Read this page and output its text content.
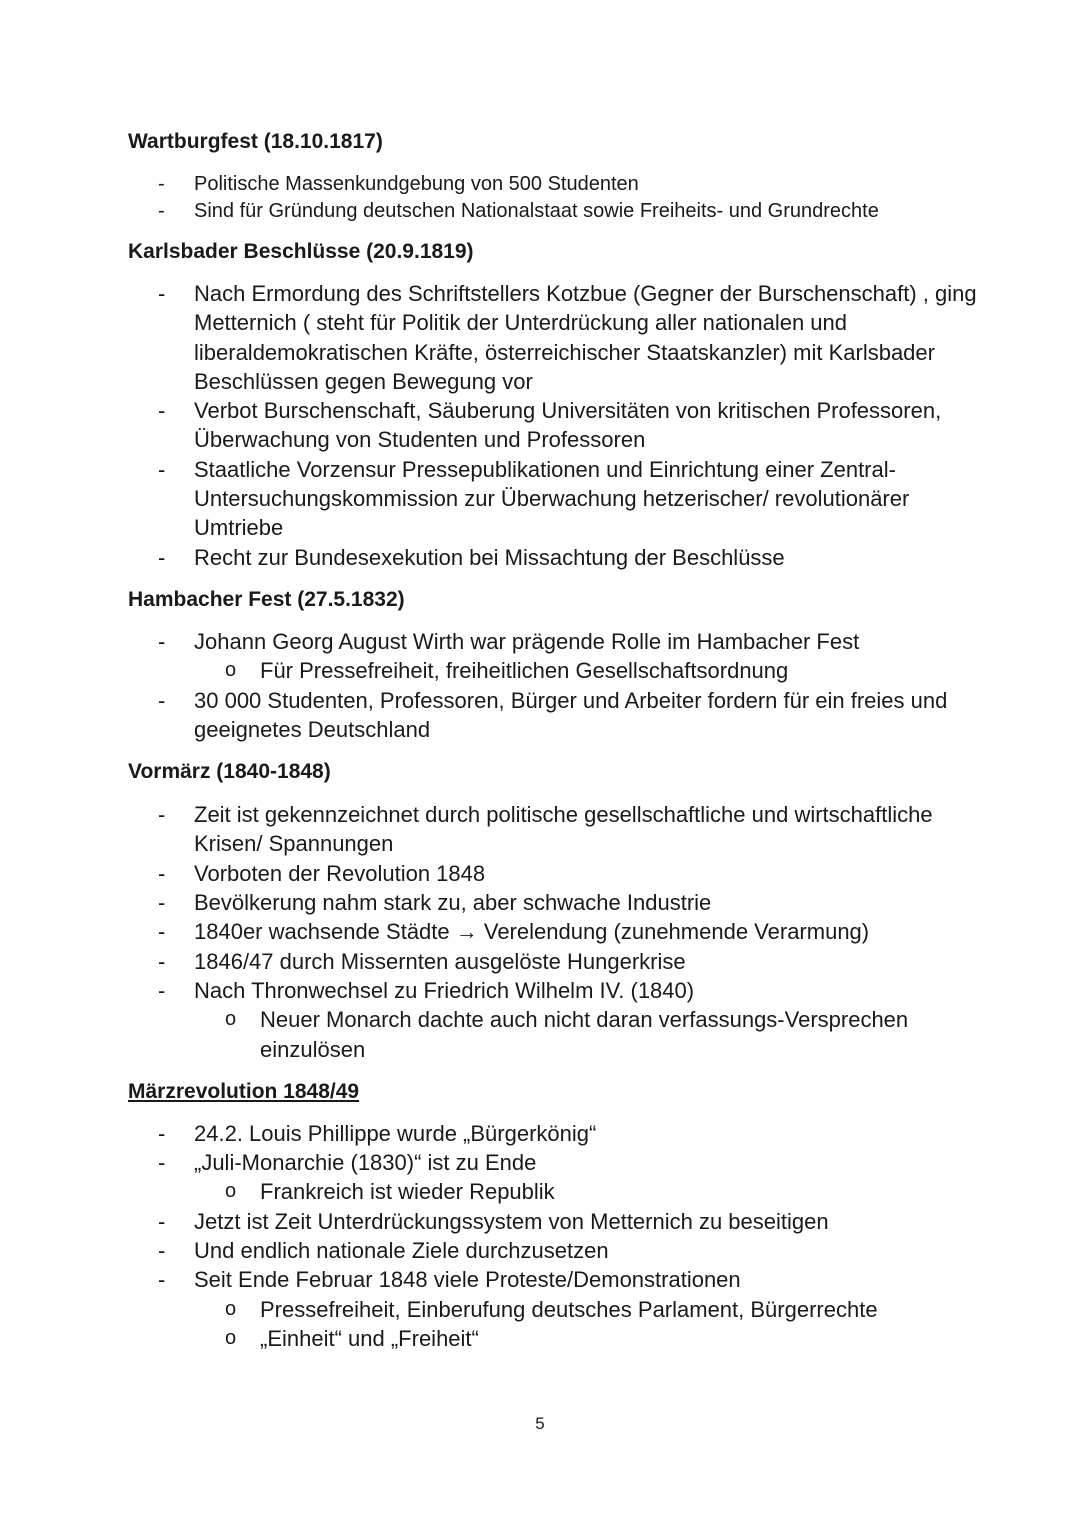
Wartburgfest (18.10.1817)
- Politische Massenkundgebung von 500 Studenten
- Sind für Gründung deutschen Nationalstaat sowie Freiheits- und Grundrechte
Karlsbader Beschlüsse (20.9.1819)
- Nach Ermordung des Schriftstellers Kotzbue (Gegner der Burschenschaft) , ging Metternich ( steht für Politik der Unterdrückung aller nationalen und liberaldemokratischen Kräfte, österreichischer Staatskanzler) mit Karlsbader Beschlüssen gegen Bewegung vor
- Verbot Burschenschaft, Säuberung Universitäten von kritischen Professoren, Überwachung von Studenten und Professoren
- Staatliche Vorzensur Pressepublikationen und Einrichtung einer Zentral-Untersuchungskommission zur Überwachung hetzerischer/ revolutionärer Umtriebe
- Recht zur Bundesexekution bei Missachtung der Beschlüsse
Hambacher Fest (27.5.1832)
- Johann Georg August Wirth war prägende Rolle im Hambacher Fest
o Für Pressefreiheit, freiheitlichen Gesellschaftsordnung
- 30 000 Studenten, Professoren, Bürger und Arbeiter fordern für ein freies und geeignetes Deutschland
Vormärz (1840-1848)
- Zeit ist gekennzeichnet durch politische gesellschaftliche und wirtschaftliche Krisen/ Spannungen
- Vorboten der Revolution 1848
- Bevölkerung nahm stark zu, aber schwache Industrie
- 1840er wachsende Städte → Verelendung (zunehmende Verarmung)
- 1846/47 durch Missernten ausgelöste Hungerkrise
- Nach Thronwechsel zu Friedrich Wilhelm IV. (1840)
o Neuer Monarch dachte auch nicht daran verfassungs-Versprechen einzulösen
Märzrevolution 1848/49
- 24.2. Louis Phillippe wurde „Bürgerkönig“
- „Juli-Monarchie (1830)“ ist zu Ende
o Frankreich ist wieder Republik
- Jetzt ist Zeit Unterdrückungssystem von Metternich zu beseitigen
- Und endlich nationale Ziele durchzusetzen
- Seit Ende Februar 1848 viele Proteste/Demonstrationen
o Pressefreiheit, Einberufung deutsches Parlament, Bürgerrechte
o „Einheit“ und „Freiheit“
5
